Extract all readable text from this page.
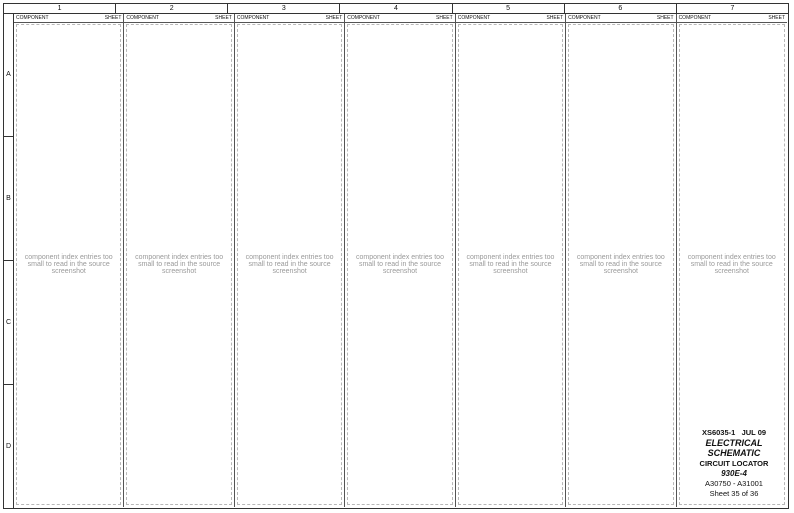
1	2	3	4	5	6	7
A
B
C
D
COMPONENT	SHEET
component index entries too small to read in the source screenshot
COMPONENT	SHEET
component index entries too small to read in the source screenshot
COMPONENT	SHEET
component index entries too small to read in the source screenshot
COMPONENT	SHEET
component index entries too small to read in the source screenshot
COMPONENT	SHEET
component index entries too small to read in the source screenshot
COMPONENT	SHEET
component index entries too small to read in the source screenshot
COMPONENT	SHEET
component index entries too small to read in the source screenshot
XS6035-1 JUL 09
ELECTRICAL SCHEMATIC
CIRCUIT LOCATOR
930E-4
A30750 - A31001
Sheet 35 of 36
